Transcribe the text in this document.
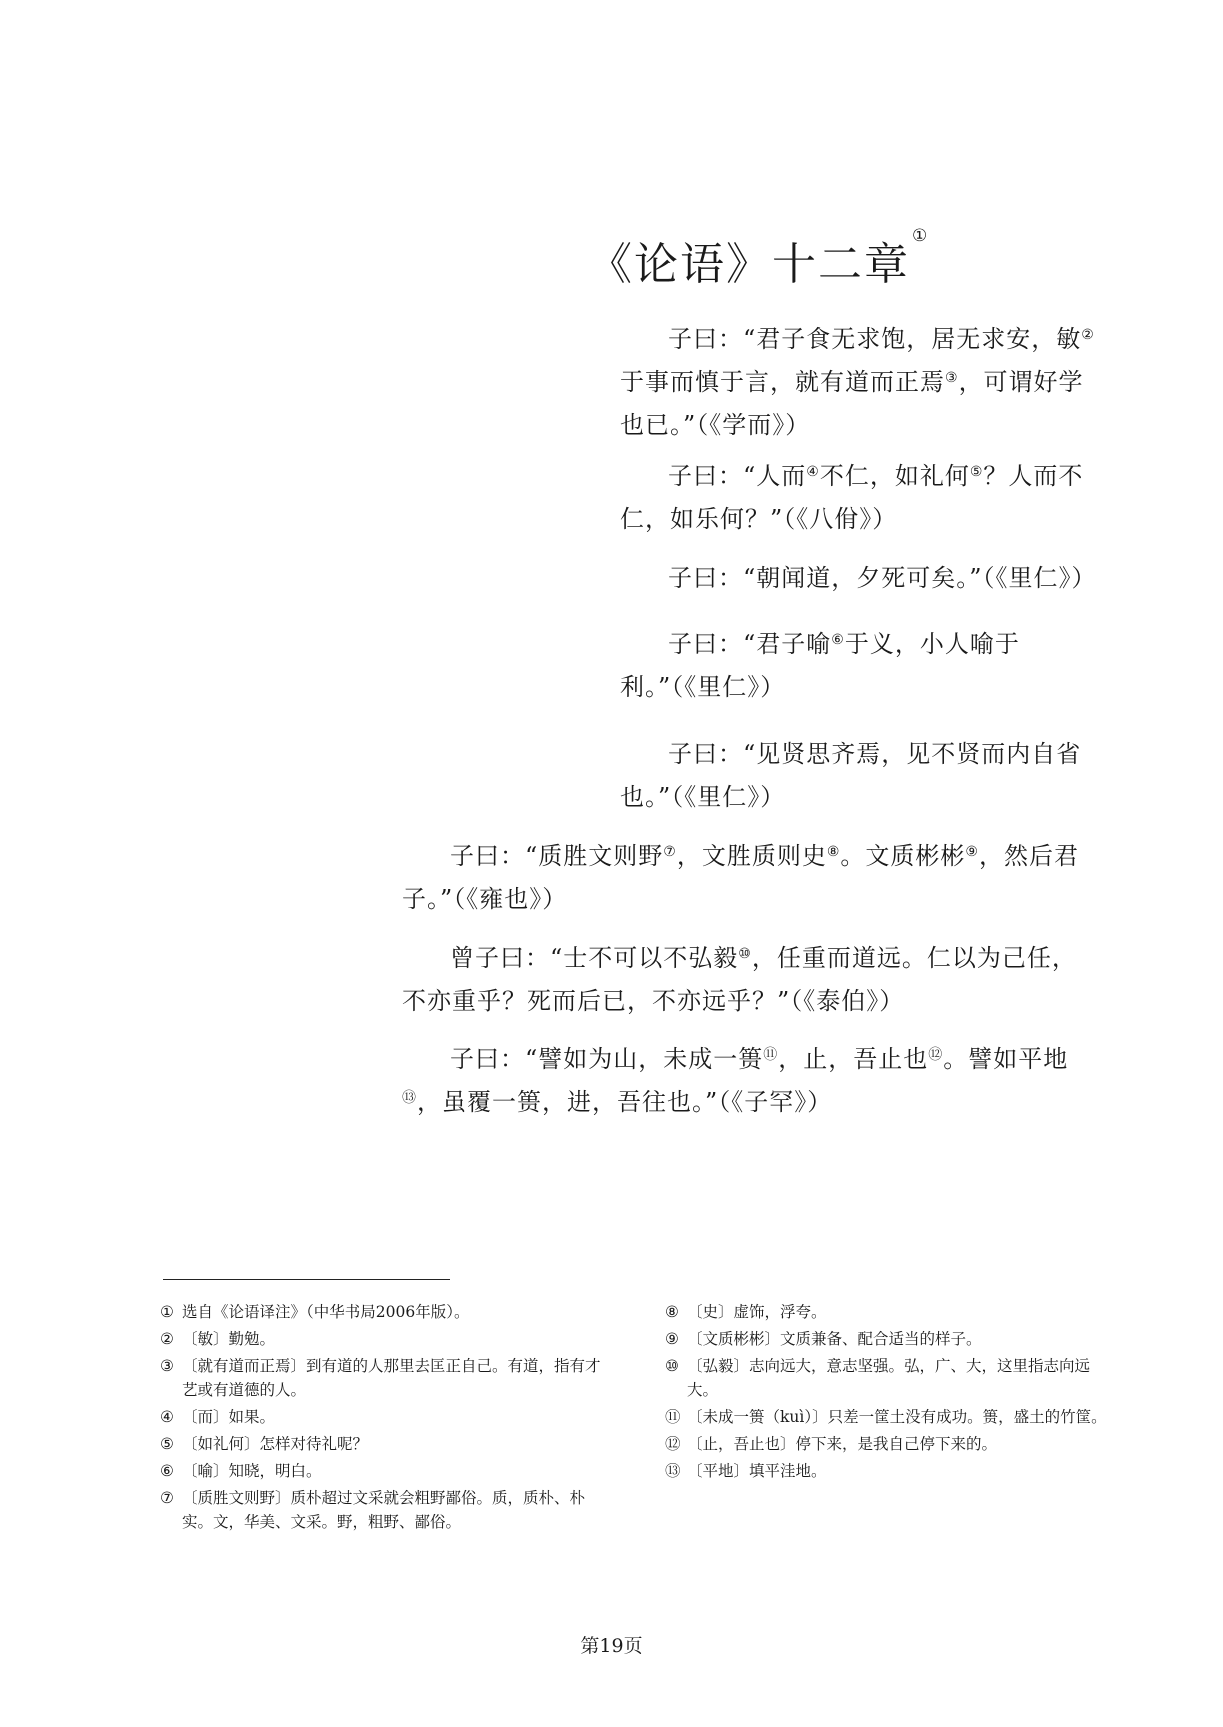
《论语》十二章①
子曰：“君子食无求饱，居无求安，敏②于事而慎于言，就有道而正焉③，可谓好学也已。”（《学而》）
子曰：“人而④不仁，如礼何⑤？人而不仁，如乐何？”（《八佾》）
子曰：“朝闻道，夕死可矣。”（《里仁》）
子曰：“君子喻⑥于义，小人喻于利。”（《里仁》）
子曰：“见贤思齐焉，见不贤而内自省也。”（《里仁》）
子曰：“质胜文则野⑦，文胜质则史⑧。文质彬彬⑨，然后君子。”（《雍也》）
曾子曰：“士不可以不弘毅⑩，任重而道远。仁以为己任，不亦重乎？死而后已，不亦远乎？”（《泰伯》）
子曰：“譬如为山，未成一篑⑪，止，吾止也⑫。譬如平地⑬，虽覆一篑，进，吾往也。”（《子罕》）
① 选自《论语译注》（中华书局2006年版）。
② 〔敏〕勤勉。
③ 〔就有道而正焉〕到有道的人那里去匡正自己。有道，指有才艺或有道德的人。
④ 〔而〕如果。
⑤ 〔如礼何〕怎样对待礼呢？
⑥ 〔喻〕知晓，明白。
⑦ 〔质胜文则野〕质朴超过文采就会粗野鄙俗。质，质朴、朴实。文，华美、文采。野，粗野、鄙俗。
⑧ 〔史〕虚饰，浮夸。
⑨ 〔文质彬彬〕文质兼备、配合适当的样子。
⑩ 〔弘毅〕志向远大，意志坚强。弘，广、大，这里指志向远大。
⑪ 〔未成一篑（kuì）〕只差一筐土没有成功。篑，盛土的竹筐。
⑫ 〔止，吾止也〕停下来，是我自己停下来的。
⑬ 〔平地〕填平洼地。
第19页
